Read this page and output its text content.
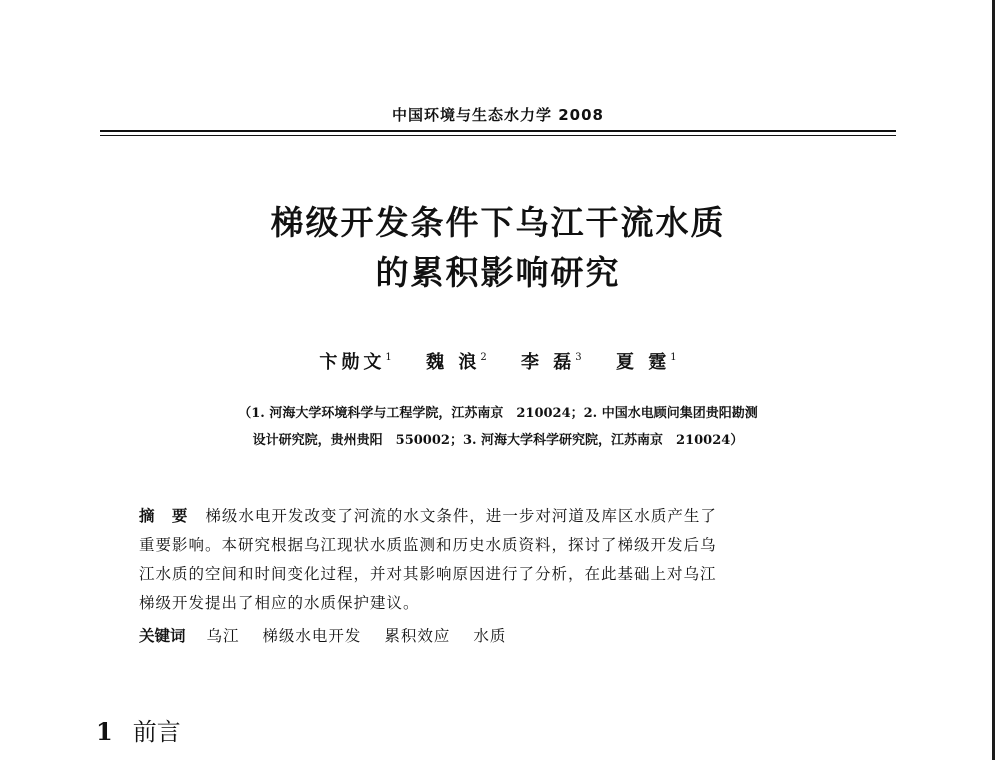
中国环境与生态水力学 2008
梯级开发条件下乌江干流水质
的累积影响研究
卞勋文$^1$ 魏 浪$^2$ 李 磊$^3$ 夏 霆$^1$
（1. 河海大学环境科学与工程学院，江苏南京　210024；2. 中国水电顾问集团贵阳勘测
设计研究院，贵州贵阳　550002；3. 河海大学科学研究院，江苏南京　210024）
摘 要 梯级水电开发改变了河流的水文条件，进一步对河道及库区水质产生了
重要影响。本研究根据乌江现状水质监测和历史水质资料，探讨了梯级开发后乌
江水质的空间和时间变化过程，并对其影响原因进行了分析，在此基础上对乌江
梯级开发提出了相应的水质保护建议。
关键词 乌江 梯级水电开发 累积效应 水质
1 前言
